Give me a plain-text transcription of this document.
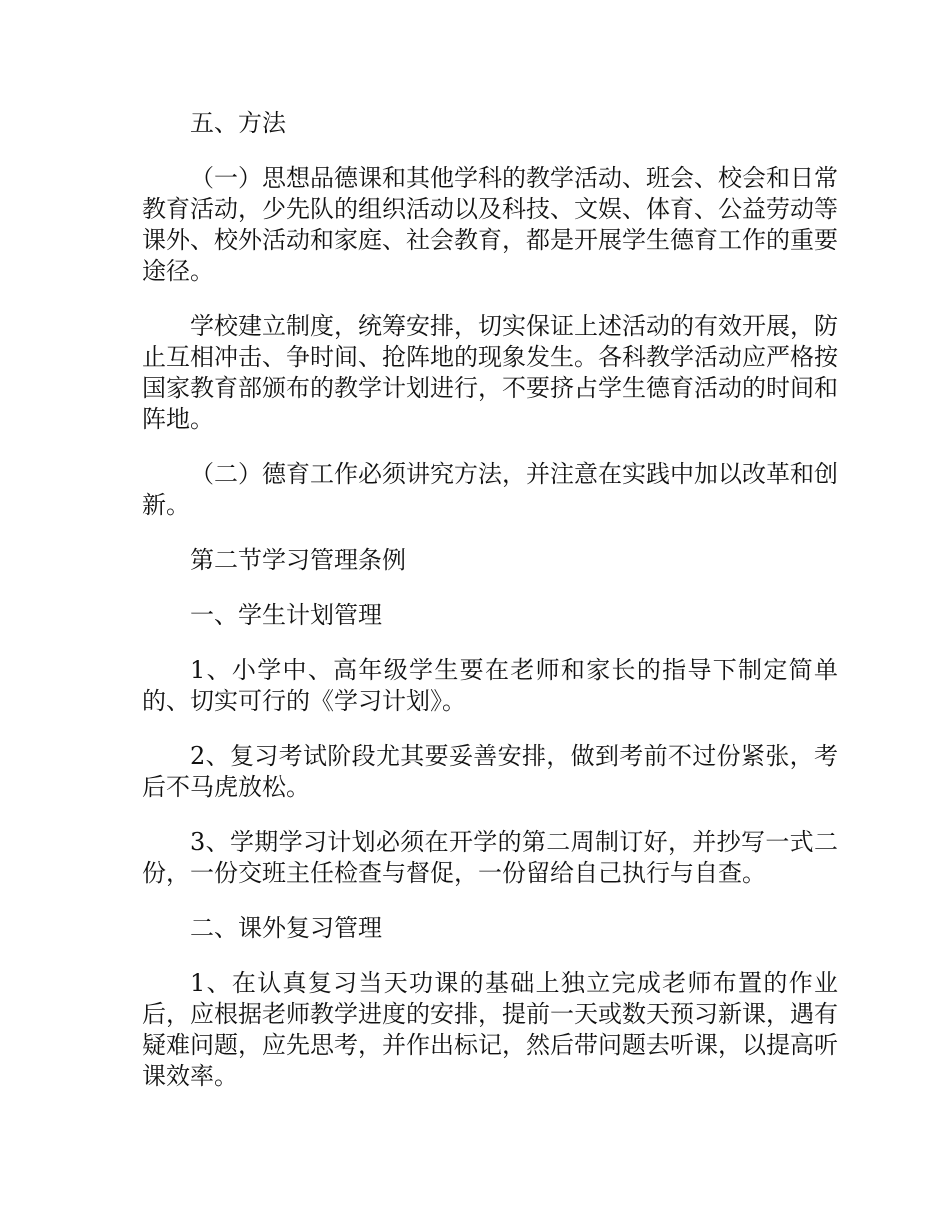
五、方法

（一）思想品德课和其他学科的教学活动、班会、校会和日常教育活动，少先队的组织活动以及科技、文娱、体育、公益劳动等课外、校外活动和家庭、社会教育，都是开展学生德育工作的重要途径。

学校建立制度，统筹安排，切实保证上述活动的有效开展，防止互相冲击、争时间、抢阵地的现象发生。各科教学活动应严格按国家教育部颁布的教学计划进行，不要挤占学生德育活动的时间和阵地。

（二）德育工作必须讲究方法，并注意在实践中加以改革和创新。

第二节学习管理条例

一、学生计划管理

1、小学中、高年级学生要在老师和家长的指导下制定简单的、切实可行的《学习计划》。

2、复习考试阶段尤其要妥善安排，做到考前不过份紧张，考后不马虎放松。

3、学期学习计划必须在开学的第二周制订好，并抄写一式二份，一份交班主任检查与督促，一份留给自己执行与自查。

二、课外复习管理

1、在认真复习当天功课的基础上独立完成老师布置的作业后，应根据老师教学进度的安排，提前一天或数天预习新课，遇有疑难问题，应先思考，并作出标记，然后带问题去听课，以提高听课效率。
